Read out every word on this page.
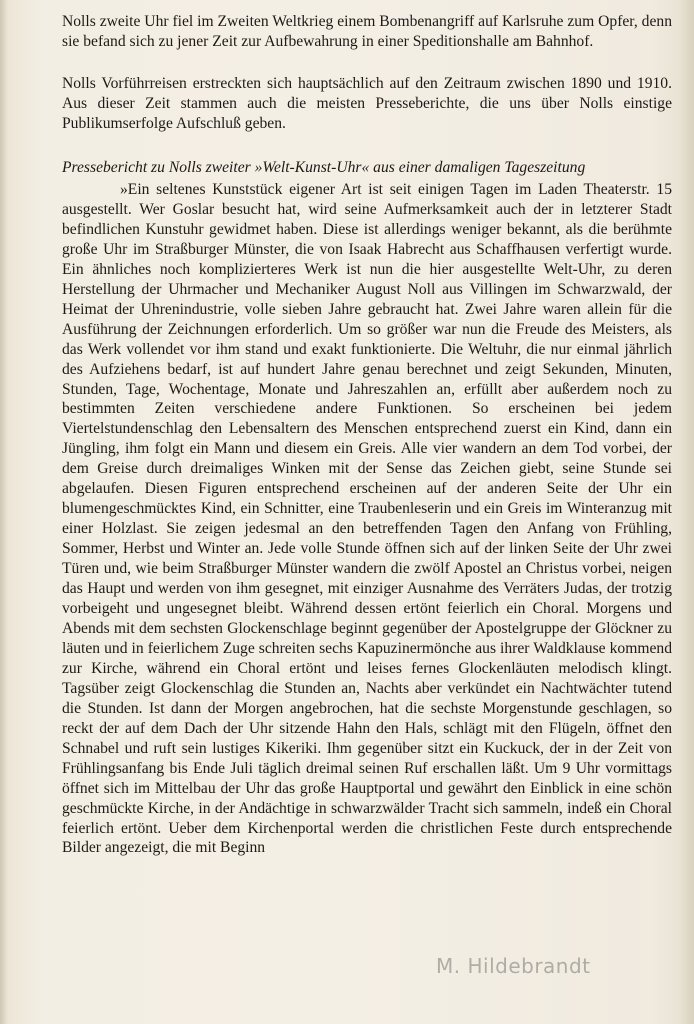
Nolls zweite Uhr fiel im Zweiten Weltkrieg einem Bombenangriff auf Karlsruhe zum Opfer, denn sie befand sich zu jener Zeit zur Aufbewahrung in einer Speditionshalle am Bahnhof.

Nolls Vorführreisen erstreckten sich hauptsächlich auf den Zeitraum zwischen 1890 und 1910. Aus dieser Zeit stammen auch die meisten Presseberichte, die uns über Nolls einstige Publikumserfolge Aufschluß geben.

Pressebericht zu Nolls zweiter »Welt-Kunst-Uhr« aus einer damaligen Tageszeitung

»Ein seltenes Kunststück eigener Art ist seit einigen Tagen im Laden Theaterstr. 15 ausgestellt. Wer Goslar besucht hat, wird seine Aufmerksamkeit auch der in letzterer Stadt befindlichen Kunstuhr gewidmet haben. Diese ist allerdings weniger bekannt, als die berühmte große Uhr im Straßburger Münster, die von Isaak Habrecht aus Schaffhausen verfertigt wurde. Ein ähnliches noch komplizierteres Werk ist nun die hier ausgestellte Welt-Uhr, zu deren Herstellung der Uhrmacher und Mechaniker August Noll aus Villingen im Schwarzwald, der Heimat der Uhrenindustrie, volle sieben Jahre gebraucht hat. Zwei Jahre waren allein für die Ausführung der Zeichnungen erforderlich. Um so größer war nun die Freude des Meisters, als das Werk vollendet vor ihm stand und exakt funktionierte. Die Weltuhr, die nur einmal jährlich des Aufziehens bedarf, ist auf hundert Jahre genau berechnet und zeigt Sekunden, Minuten, Stunden, Tage, Wochentage, Monate und Jahreszahlen an, erfüllt aber außerdem noch zu bestimmten Zeiten verschiedene andere Funktionen. So erscheinen bei jedem Viertelstundenschlag den Lebensaltern des Menschen entsprechend zuerst ein Kind, dann ein Jüngling, ihm folgt ein Mann und diesem ein Greis. Alle vier wandern an dem Tod vorbei, der dem Greise durch dreimaliges Winken mit der Sense das Zeichen giebt, seine Stunde sei abgelaufen. Diesen Figuren entsprechend erscheinen auf der anderen Seite der Uhr ein blumengeschmücktes Kind, ein Schnitter, eine Traubenleserin und ein Greis im Winteranzug mit einer Holzlast. Sie zeigen jedesmal an den betreffenden Tagen den Anfang von Frühling, Sommer, Herbst und Winter an. Jede volle Stunde öffnen sich auf der linken Seite der Uhr zwei Türen und, wie beim Straßburger Münster wandern die zwölf Apostel an Christus vorbei, neigen das Haupt und werden von ihm gesegnet, mit einziger Ausnahme des Verräters Judas, der trotzig vorbeigeht und ungesegnet bleibt. Während dessen ertönt feierlich ein Choral. Morgens und Abends mit dem sechsten Glockenschlage beginnt gegenüber der Apostelgruppe der Glöckner zu läuten und in feierlichem Zuge schreiten sechs Kapuzinermönche aus ihrer Waldklause kommend zur Kirche, während ein Choral ertönt und leises fernes Glockenläuten melodisch klingt. Tagsüber zeigt Glockenschlag die Stunden an, Nachts aber verkündet ein Nachtwächter tutend die Stunden. Ist dann der Morgen angebrochen, hat die sechste Morgenstunde geschlagen, so reckt der auf dem Dach der Uhr sitzende Hahn den Hals, schlägt mit den Flügeln, öffnet den Schnabel und ruft sein lustiges Kikeriki. Ihm gegenüber sitzt ein Kuckuck, der in der Zeit von Frühlingsanfang bis Ende Juli täglich dreimal seinen Ruf erschallen läßt. Um 9 Uhr vormittags öffnet sich im Mittelbau der Uhr das große Hauptportal und gewährt den Einblick in eine schön geschmückte Kirche, in der Andächtige in schwarzwälder Tracht sich sammeln, indeß ein Choral feierlich ertönt. Ueber dem Kirchenportal werden die christlichen Feste durch entsprechende Bilder angezeigt, die mit Beginn

M. Hildebrandt
